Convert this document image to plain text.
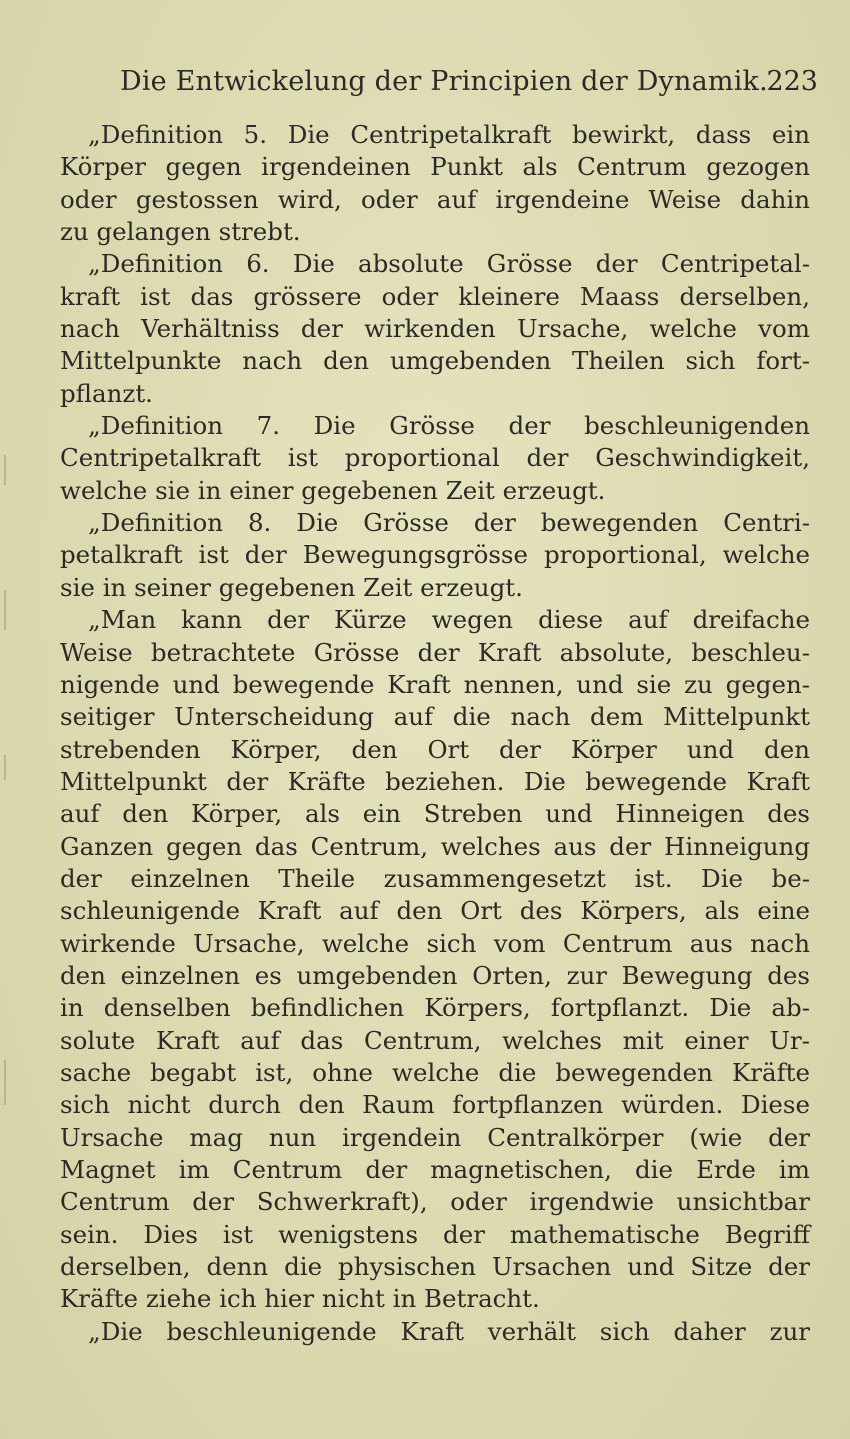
Die Entwickelung der Principien der Dynamik.
223
„Definition 5. Die Centripetalkraft bewirkt, dass ein
Körper gegen irgendeinen Punkt als Centrum gezogen
oder gestossen wird, oder auf irgendeine Weise dahin
zu gelangen strebt.
„Definition 6. Die absolute Grösse der Centripetal-
kraft ist das grössere oder kleinere Maass derselben,
nach Verhältniss der wirkenden Ursache, welche vom
Mittelpunkte nach den umgebenden Theilen sich fort-
pflanzt.
„Definition 7. Die Grösse der beschleunigenden
Centripetalkraft ist proportional der Geschwindigkeit,
welche sie in einer gegebenen Zeit erzeugt.
„Definition 8. Die Grösse der bewegenden Centri-
petalkraft ist der Bewegungsgrösse proportional, welche
sie in seiner gegebenen Zeit erzeugt.
„Man kann der Kürze wegen diese auf dreifache
Weise betrachtete Grösse der Kraft absolute, beschleu-
nigende und bewegende Kraft nennen, und sie zu gegen-
seitiger Unterscheidung auf die nach dem Mittelpunkt
strebenden Körper, den Ort der Körper und den
Mittelpunkt der Kräfte beziehen. Die bewegende Kraft
auf den Körper, als ein Streben und Hinneigen des
Ganzen gegen das Centrum, welches aus der Hinneigung
der einzelnen Theile zusammengesetzt ist. Die be-
schleunigende Kraft auf den Ort des Körpers, als eine
wirkende Ursache, welche sich vom Centrum aus nach
den einzelnen es umgebenden Orten, zur Bewegung des
in denselben befindlichen Körpers, fortpflanzt. Die ab-
solute Kraft auf das Centrum, welches mit einer Ur-
sache begabt ist, ohne welche die bewegenden Kräfte
sich nicht durch den Raum fortpflanzen würden. Diese
Ursache mag nun irgendein Centralkörper (wie der
Magnet im Centrum der magnetischen, die Erde im
Centrum der Schwerkraft), oder irgendwie unsichtbar
sein. Dies ist wenigstens der mathematische Begriff
derselben, denn die physischen Ursachen und Sitze der
Kräfte ziehe ich hier nicht in Betracht.
„Die beschleunigende Kraft verhält sich daher zur
